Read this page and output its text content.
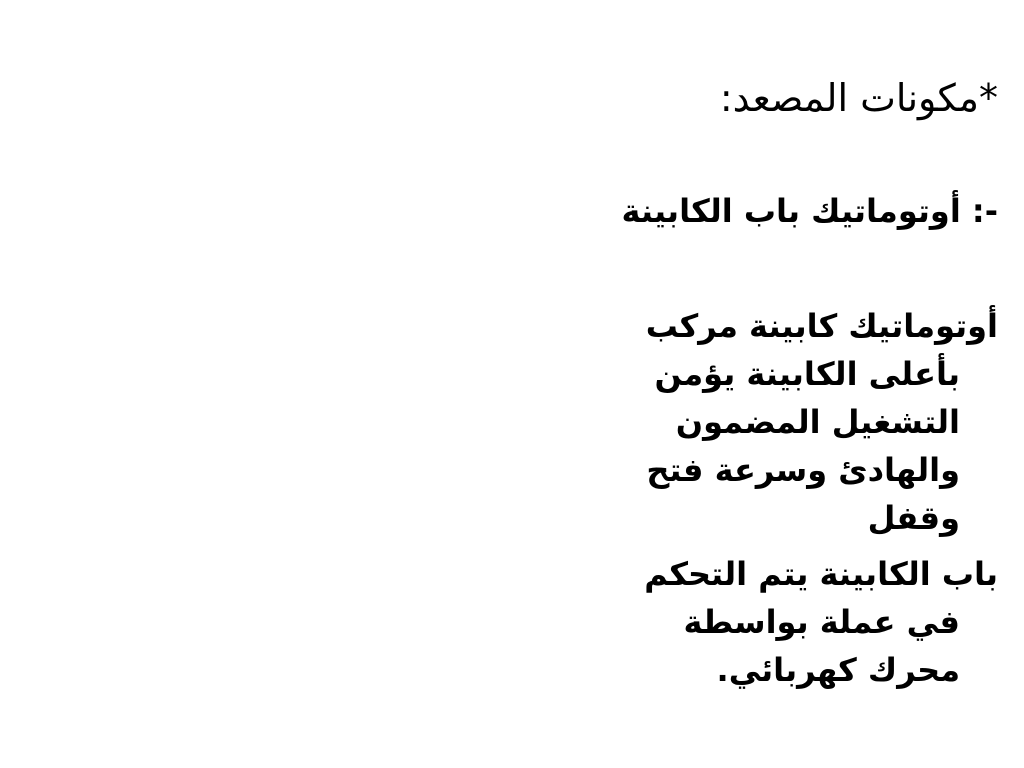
*مكونات المصعد:
-: أوتوماتيك باب الكابينة
أوتوماتيك كابينة مركب
بأعلى الكابينة يؤمن
التشغيل المضمون
والهادئ وسرعة فتح
وقفل
باب الكابينة يتم التحكم
في عملة بواسطة
محرك كهربائي.
